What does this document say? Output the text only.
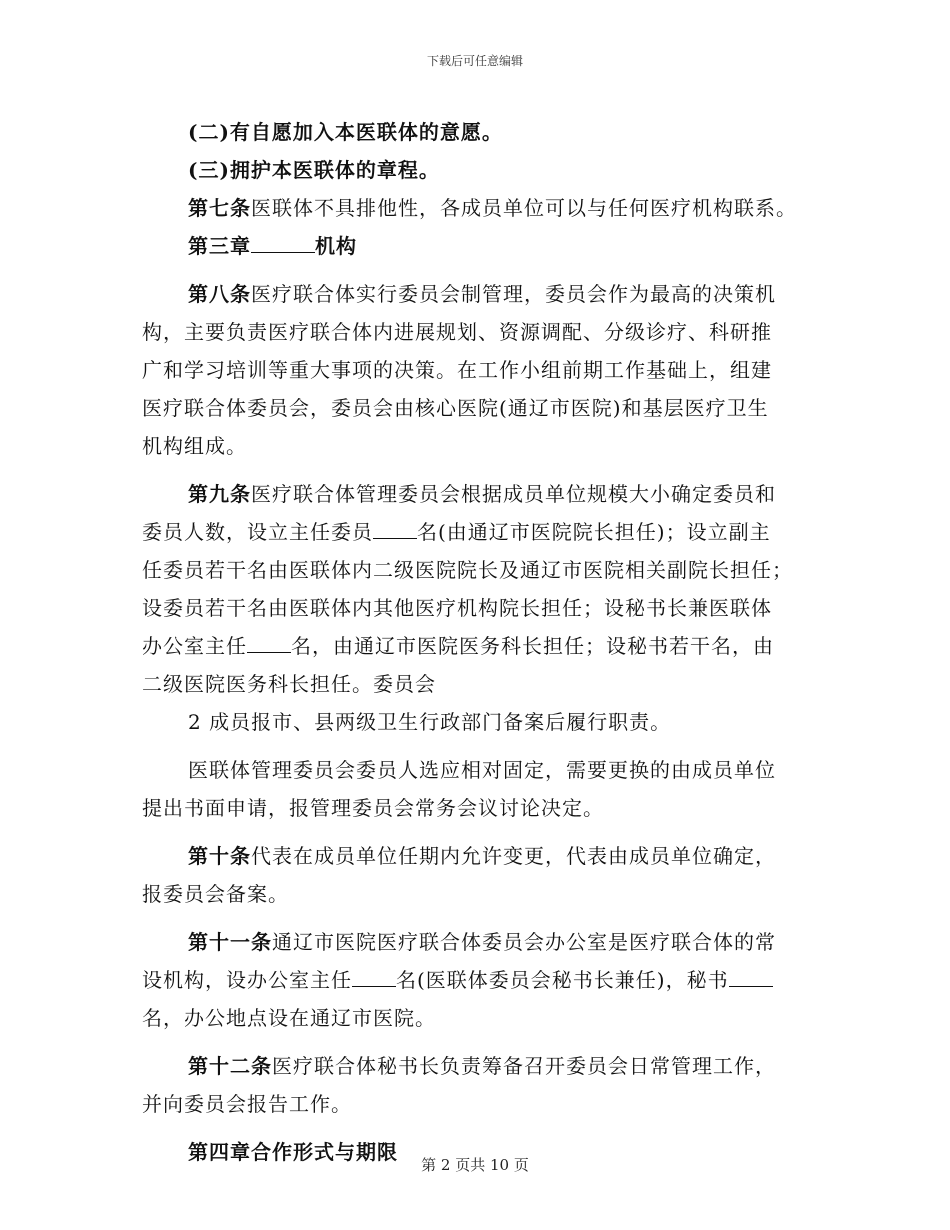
下载后可任意编辑

(二)有自愿加入本医联体的意愿。

(三)拥护本医联体的章程。

第七条医联体不具排他性，各成员单位可以与任何医疗机构联系。

第三章	机构

第八条医疗联合体实行委员会制管理，委员会作为最高的决策机

构，主要负责医疗联合体内进展规划、资源调配、分级诊疗、科研推

广和学习培训等重大事项的决策。在工作小组前期工作基础上，组建

医疗联合体委员会，委员会由核心医院(通辽市医院)和基层医疗卫生

机构组成。

第九条医疗联合体管理委员会根据成员单位规模大小确定委员和

委员人数，设立主任委员 名(由通辽市医院院长担任)；设立副主

任委员若干名由医联体内二级医院院长及通辽市医院相关副院长担任；

设委员若干名由医联体内其他医疗机构院长担任；设秘书长兼医联体

办公室主任 名，由通辽市医院医务科长担任；设秘书若干名，由

二级医院医务科长担任。委员会

2 成员报市、县两级卫生行政部门备案后履行职责。

医联体管理委员会委员人选应相对固定，需要更换的由成员单位

提出书面申请，报管理委员会常务会议讨论决定。

第十条代表在成员单位任期内允许变更，代表由成员单位确定，

报委员会备案。

第十一条通辽市医院医疗联合体委员会办公室是医疗联合体的常

设机构，设办公室主任 名(医联体委员会秘书长兼任)，秘书

名，办公地点设在通辽市医院。

第十二条医疗联合体秘书长负责筹备召开委员会日常管理工作，

并向委员会报告工作。

第四章合作形式与期限

第 2 页共 10 页
